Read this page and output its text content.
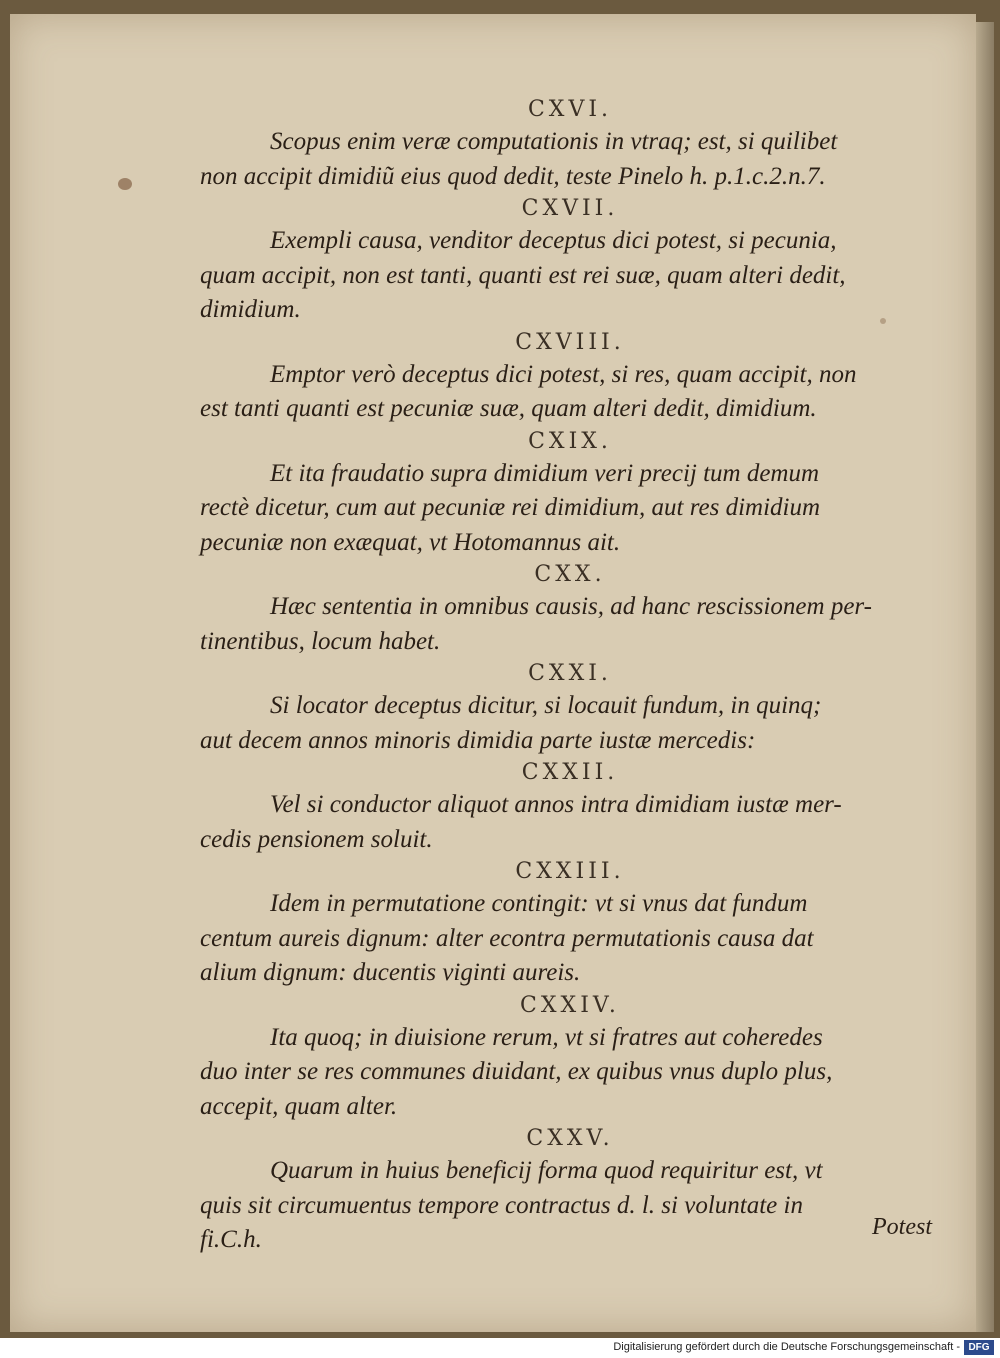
CXVI.

Scopus enim veræ computationis in vtraq; est, si quilibet
non accipit dimidiũ eius quod dedit, teste Pinelo h. p.1.c.2.n.7.

CXVII.

Exempli causa, venditor deceptus dici potest, si pecunia,
quam accipit, non est tanti, quanti est rei suæ, quam alteri dedit,
dimidium.

CXVIII.

Emptor verò deceptus dici potest, si res, quam accipit, non
est tanti quanti est pecuniæ suæ, quam alteri dedit, dimidium.

CXIX.

Et ita fraudatio supra dimidium veri precij tum demum
rectè dicetur, cum aut pecuniæ rei dimidium, aut res dimidium
pecuniæ non exæquat, vt Hotomannus ait.

CXX.

Hæc sententia in omnibus causis, ad hanc rescissionem per-
tinentibus, locum habet.

CXXI.

Si locator deceptus dicitur, si locauit fundum, in quinq;
aut decem annos minoris dimidia parte iustæ mercedis:

CXXII.

Vel si conductor aliquot annos intra dimidiam iustæ mer-
cedis pensionem soluit.

CXXIII.

Idem in permutatione contingit: vt si vnus dat fundum
centum aureis dignum: alter econtra permutationis causa dat
alium dignum: ducentis viginti aureis.

CXXIV.

Ita quoq; in diuisione rerum, vt si fratres aut coheredes
duo inter se res communes diuidant, ex quibus vnus duplo plus,
accepit, quam alter.

CXXV.

Quarum in huius beneficij forma quod requiritur est, vt
quis sit circumuentus tempore contractus d. l. si voluntate in
fi.C.h.	Potest
Digitalisierung gefördert durch die Deutsche Forschungsgemeinschaft - DFG
